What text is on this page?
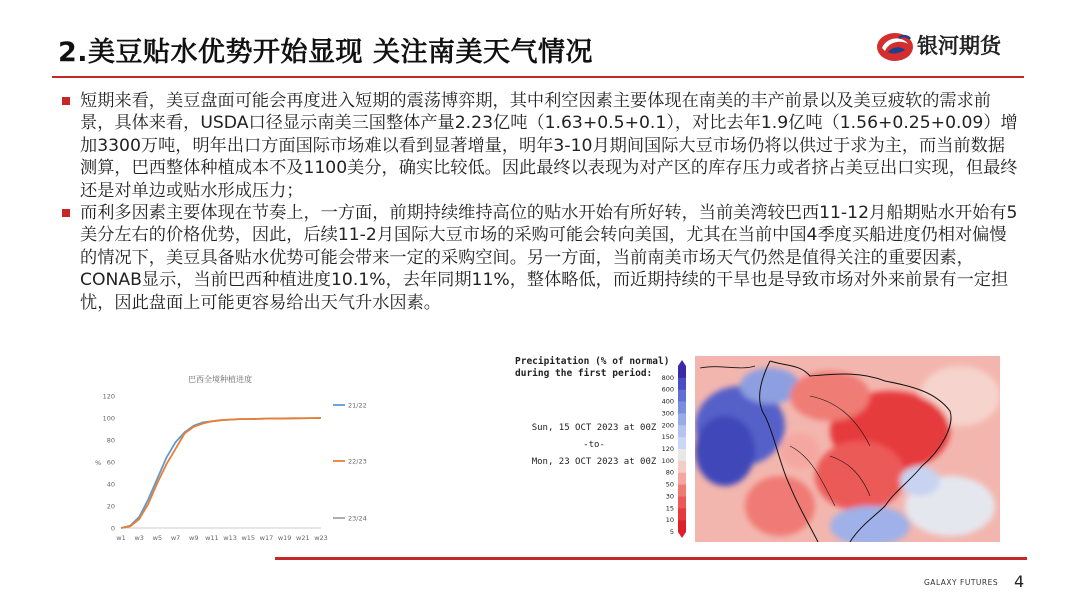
2.美豆贴水优势开始显现 关注南美天气情况	银河期货

短期来看，美豆盘面可能会再度进入短期的震荡博弈期，其中利空因素主要体现在南美的丰产前景以及美豆疲软的需求前景，具体来看，USDA口径显示南美三国整体产量2.23亿吨（1.63+0.5+0.1），对比去年1.9亿吨（1.56+0.25+0.09）增加3300万吨，明年出口方面国际市场难以看到显著增量，明年3-10月期间国际大豆市场仍将以供过于求为主，而当前数据测算，巴西整体种植成本不及1100美分，确实比较低。因此最终以表现为对产区的库存压力或者挤占美豆出口实现，但最终还是对单边或贴水形成压力；

而利多因素主要体现在节奏上，一方面，前期持续维持高位的贴水开始有所好转，当前美湾较巴西11-12月船期贴水开始有5美分左右的价格优势，因此，后续11-2月国际大豆市场的采购可能会转向美国，尤其在当前中国4季度买船进度仍相对偏慢的情况下，美豆具备贴水优势可能会带来一定的采购空间。另一方面，当前南美市场天气仍然是值得关注的重要因素，CONAB显示，当前巴西种植进度10.1%，去年同期11%，整体略低，而近期持续的干旱也是导致市场对外来前景有一定担忧，因此盘面上可能更容易给出天气升水因素。

巴西全境种植进度
0
20
40
60
80
100
120
%
w1 w3 w5 w7 w9 w11 w13 w15 w17 w19 w21 w23
21/22
22/23
23/24
Precipitation (% of normal)
during the first period:
Sun, 15 OCT 2023 at 00Z
-to-
Mon, 23 OCT 2023 at 00Z
800
600
400
300
200
150
120
100
80
50
30
15
10
5
GALAXY FUTURES 4
